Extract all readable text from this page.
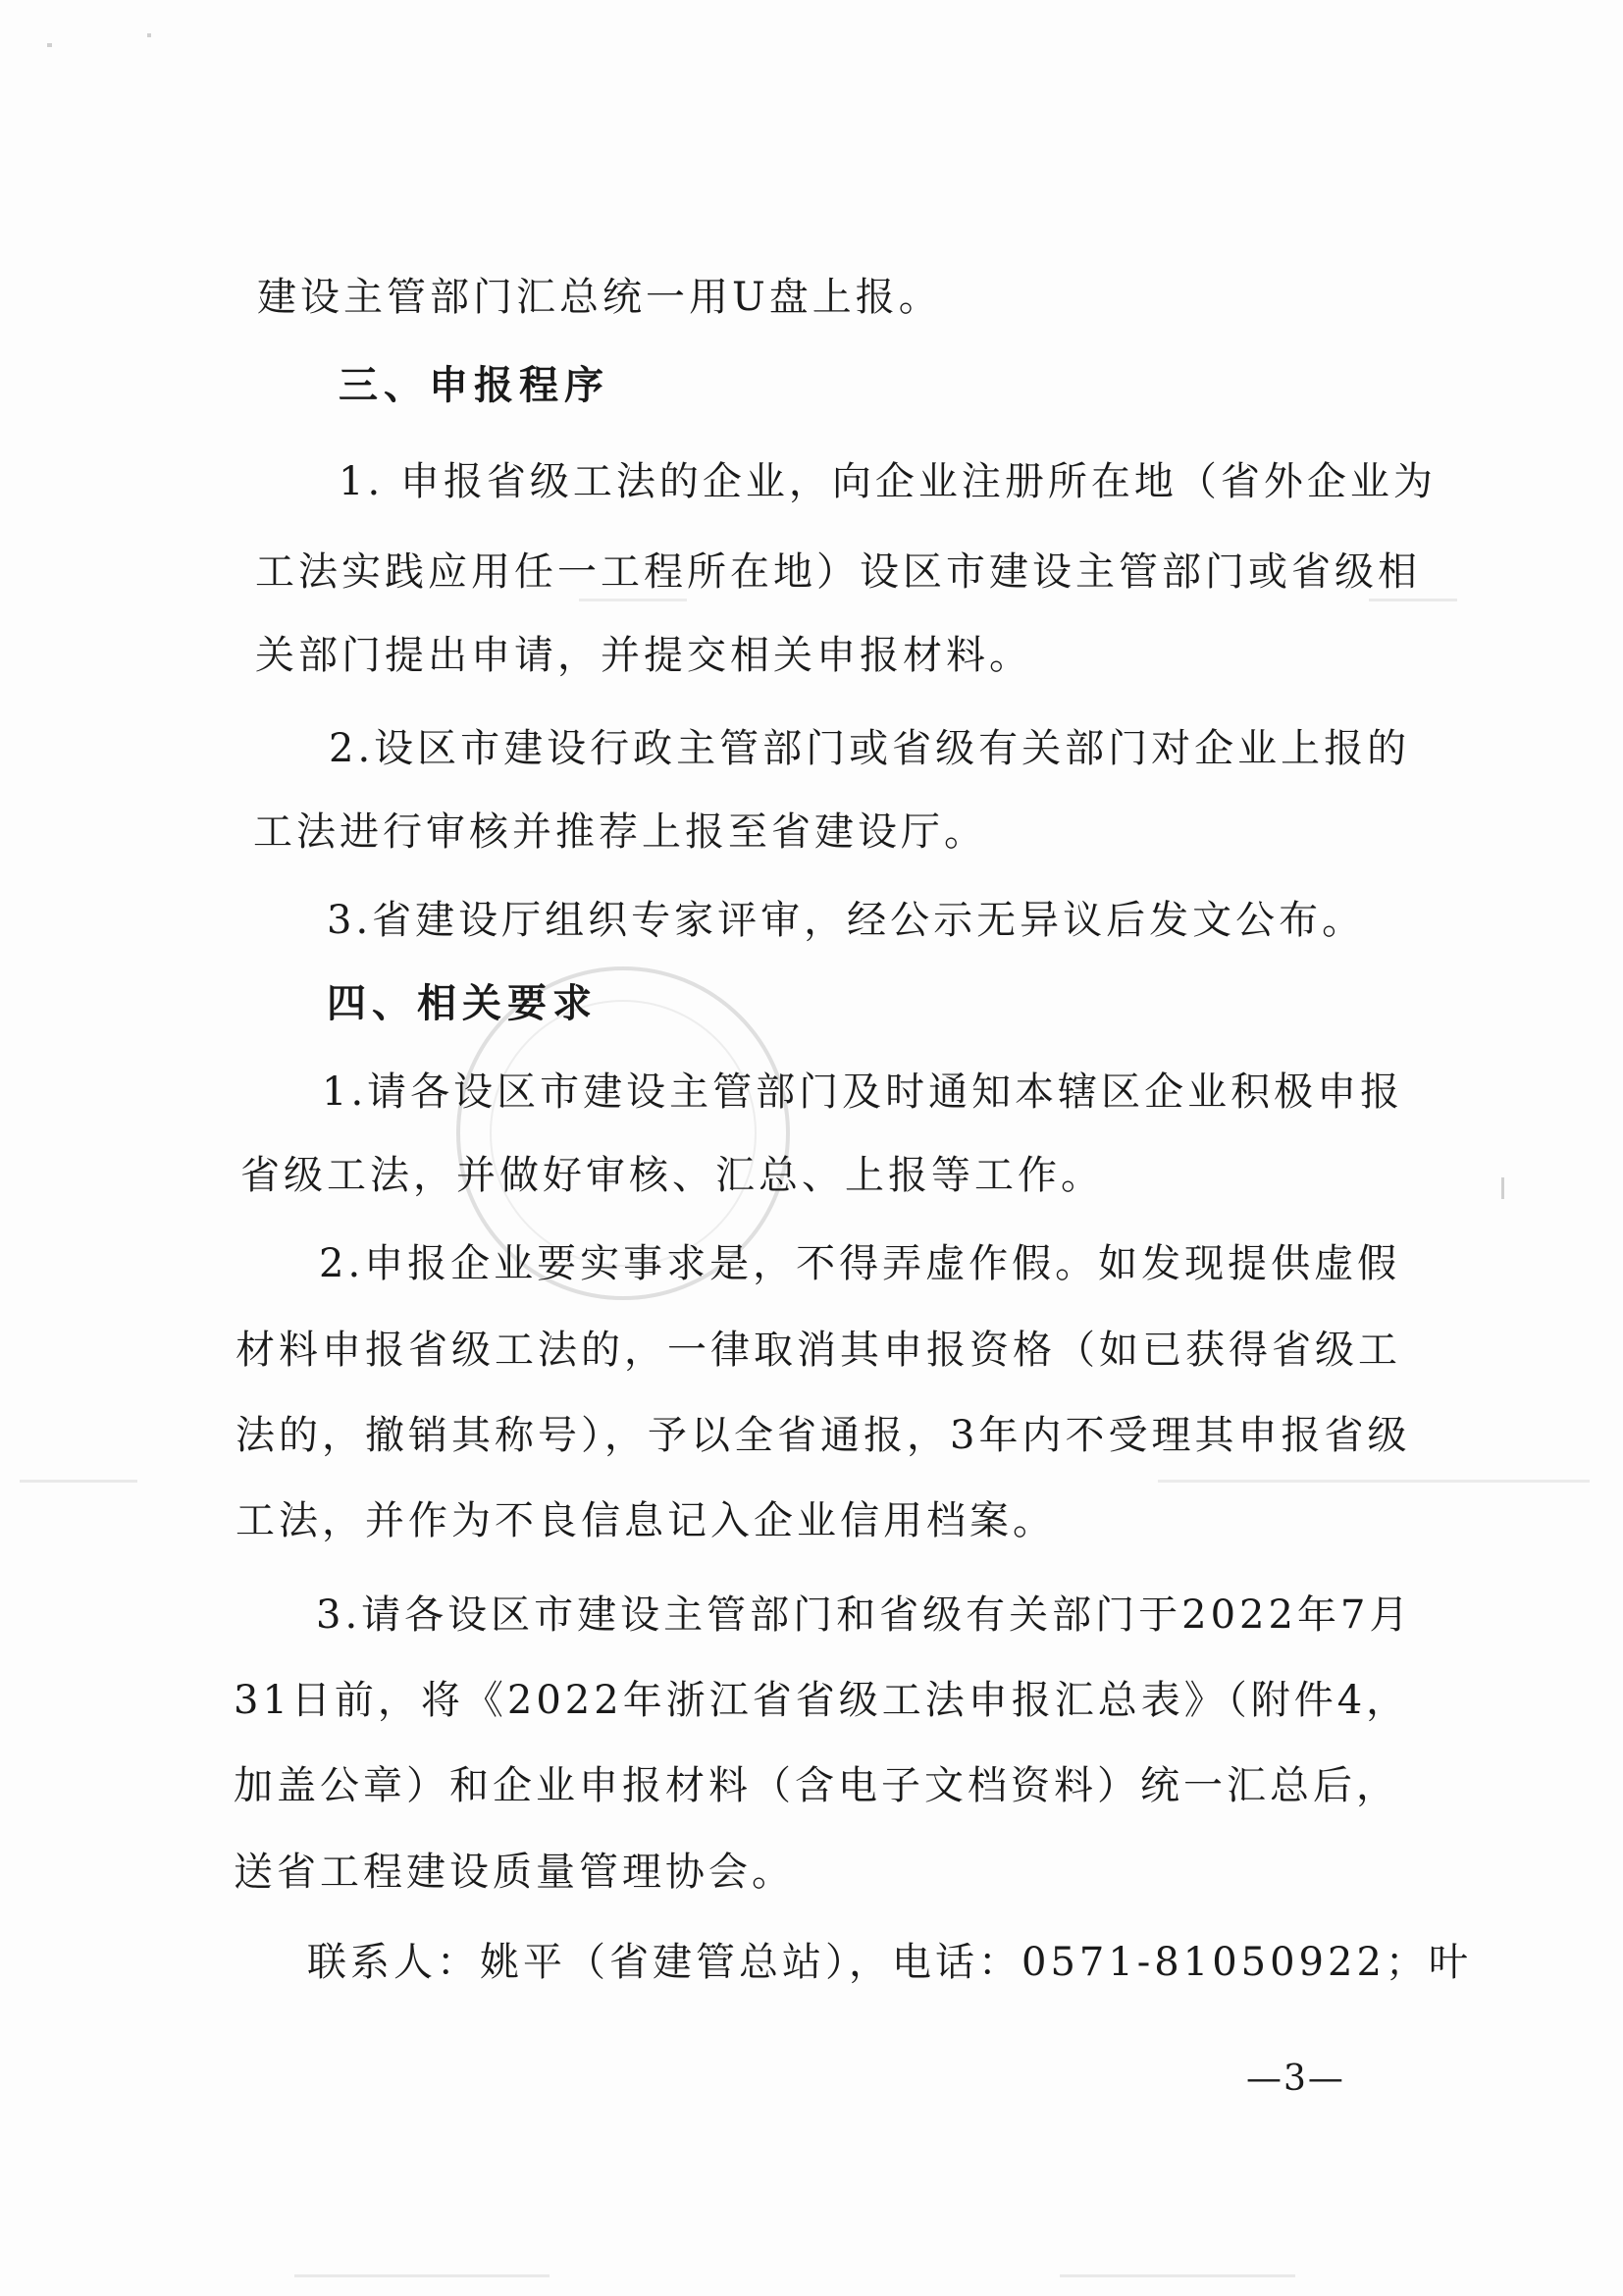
建设主管部门汇总统一用U盘上报。
三、申报程序
1. 申报省级工法的企业，向企业注册所在地（省外企业为
工法实践应用任一工程所在地）设区市建设主管部门或省级相
关部门提出申请，并提交相关申报材料。
2.设区市建设行政主管部门或省级有关部门对企业上报的
工法进行审核并推荐上报至省建设厅。
3.省建设厅组织专家评审，经公示无异议后发文公布。
四、相关要求
1.请各设区市建设主管部门及时通知本辖区企业积极申报
省级工法，并做好审核、汇总、上报等工作。
2.申报企业要实事求是，不得弄虚作假。如发现提供虚假
材料申报省级工法的，一律取消其申报资格（如已获得省级工
法的，撤销其称号），予以全省通报，3年内不受理其申报省级
工法，并作为不良信息记入企业信用档案。
3.请各设区市建设主管部门和省级有关部门于2022年7月
31日前，将《2022年浙江省省级工法申报汇总表》（附件4，
加盖公章）和企业申报材料（含电子文档资料）统一汇总后，
送省工程建设质量管理协会。
联系人：姚平（省建管总站），电话：0571-81050922；叶
—3—
